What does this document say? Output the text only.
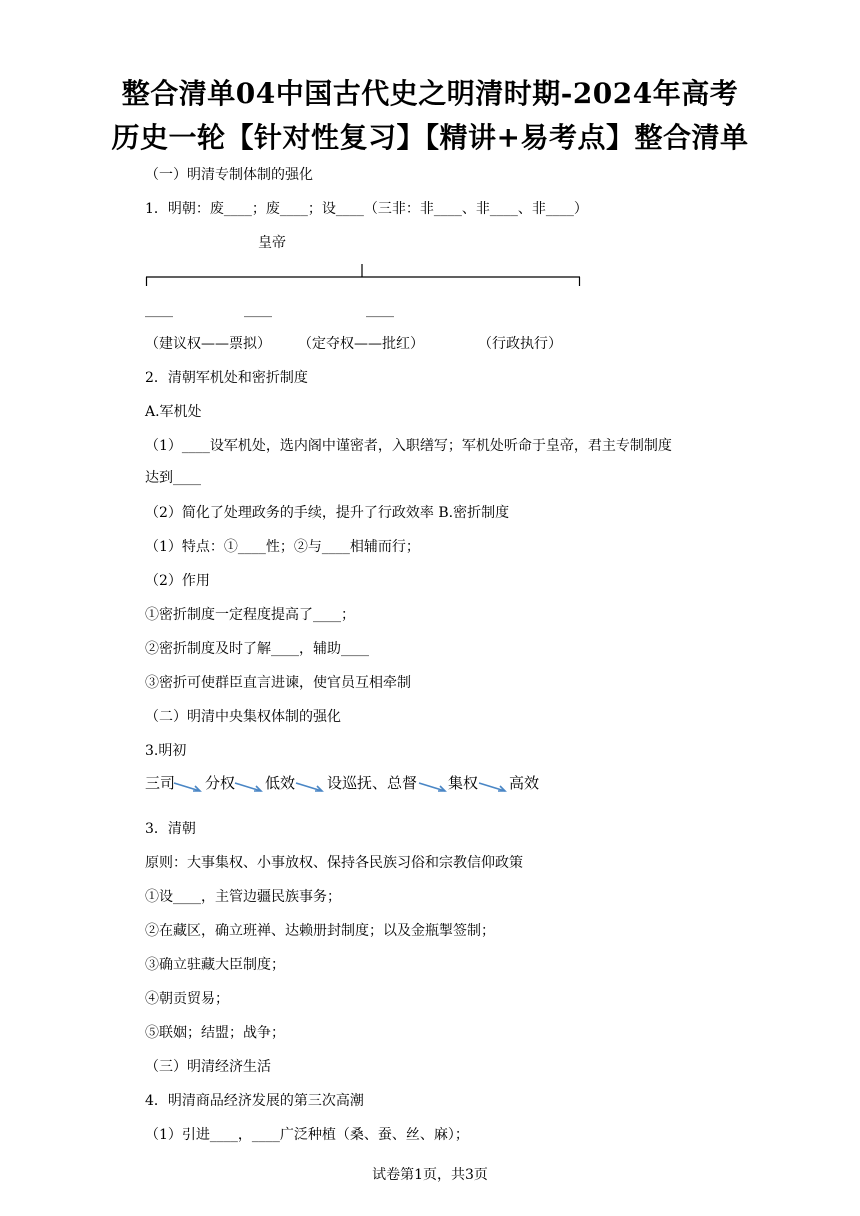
整合清单04中国古代史之明清时期-2024年高考
历史一轮【针对性复习】【精讲+易考点】整合清单
（一）明清专制体制的强化
1．明朝：废____；废____；设____（三非：非____、非____、非____）
皇帝
____	____	____
（建议权——票拟） （定夺权——批红）	（行政执行）
2．清朝军机处和密折制度
A.军机处
（1）____设军机处，选内阁中谨密者，入职缮写；军机处听命于皇帝，君主专制制度
达到____
（2）简化了处理政务的手续，提升了行政效率 B.密折制度
（1）特点：①____性；②与____相辅而行；
（2）作用
①密折制度一定程度提高了____；
②密折制度及时了解____，辅助____
③密折可使群臣直言进谏，使官员互相牵制
（二）明清中央集权体制的强化
3.明初
三司 分权 低效 设巡抚、总督 集权 高效
3．清朝
原则：大事集权、小事放权、保持各民族习俗和宗教信仰政策
①设____，主管边疆民族事务；
②在藏区，确立班禅、达赖册封制度；以及金瓶掣签制；
③确立驻藏大臣制度；
④朝贡贸易；
⑤联姻；结盟；战争；
（三）明清经济生活
4．明清商品经济发展的第三次高潮
（1）引进____，____广泛种植（桑、蚕、丝、麻）；
试卷第1页，共3页
